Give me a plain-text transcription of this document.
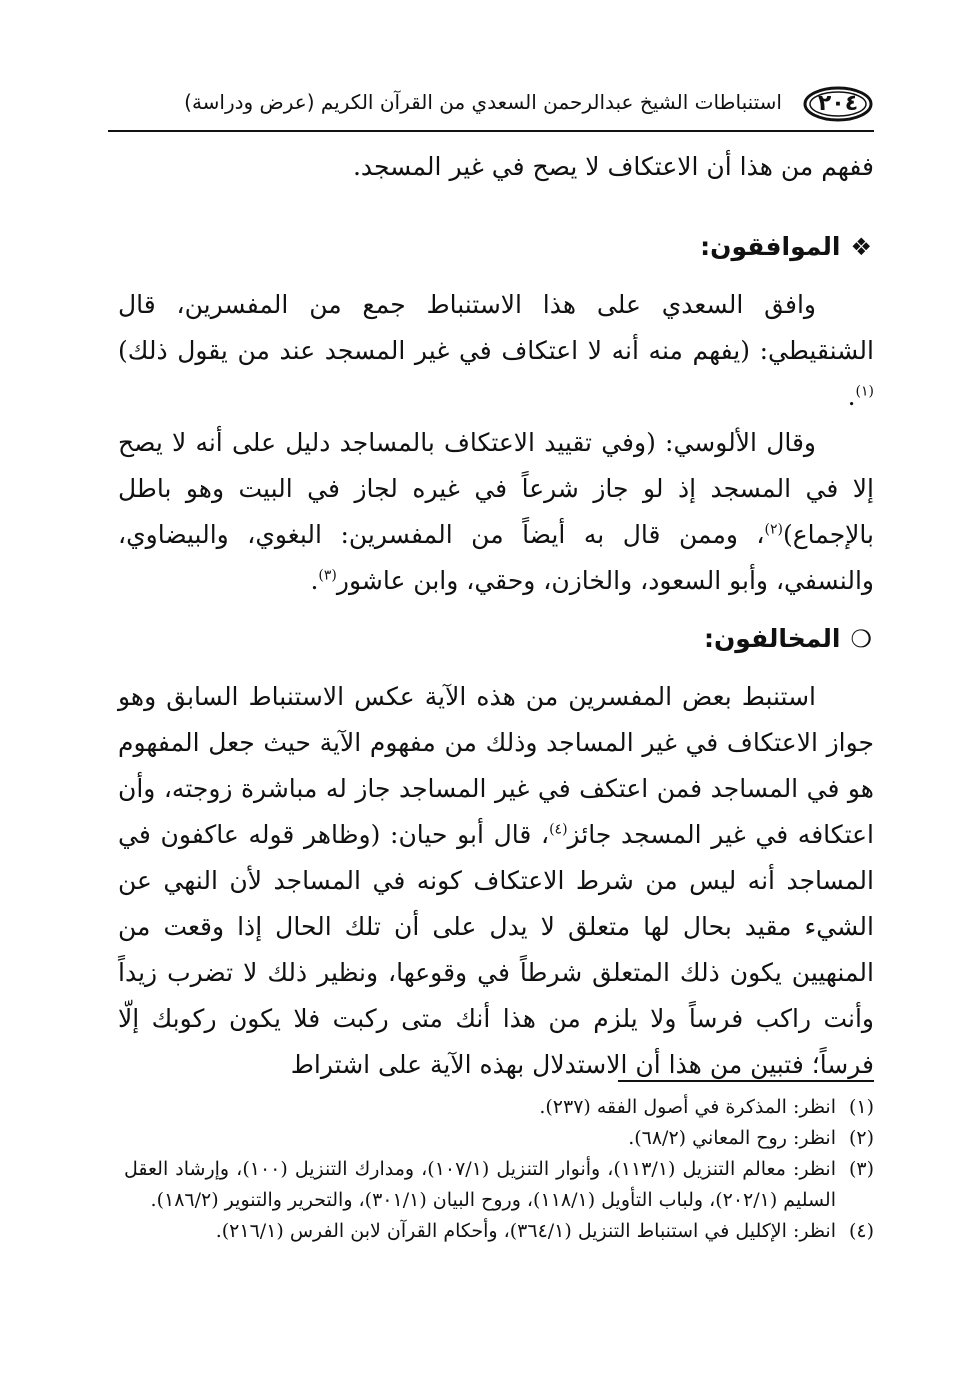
٢٠٤
استنباطات الشيخ عبدالرحمن السعدي من القرآن الكريم (عرض ودراسة)

ففهم من هذا أن الاعتكاف لا يصح في غير المسجد.

❖
الموافقون:

وافق السعدي على هذا الاستنباط جمع من المفسرين، قال الشنقيطي: (يفهم منه أنه لا اعتكاف في غير المسجد عند من يقول ذلك)$^{(١)}$.

وقال الألوسي: (وفي تقييد الاعتكاف بالمساجد دليل على أنه لا يصح إلا في المسجد إذ لو جاز شرعاً في غيره لجاز في البيت وهو باطل بالإجماع)$^{(٢)}$، وممن قال به أيضاً من المفسرين: البغوي، والبيضاوي، والنسفي، وأبو السعود، والخازن، وحقي، وابن عاشور$^{(٣)}$.

❍
المخالفون:

استنبط بعض المفسرين من هذه الآية عكس الاستنباط السابق وهو جواز الاعتكاف في غير المساجد وذلك من مفهوم الآية حيث جعل المفهوم هو في المساجد فمن اعتكف في غير المساجد جاز له مباشرة زوجته، وأن اعتكافه في غير المسجد جائز$^{(٤)}$، قال أبو حيان: (وظاهر قوله عاكفون في المساجد أنه ليس من شرط الاعتكاف كونه في المساجد لأن النهي عن الشيء مقيد بحال لها متعلق لا يدل على أن تلك الحال إذا وقعت من المنهيين يكون ذلك المتعلق شرطاً في وقوعها، ونظير ذلك لا تضرب زيداً وأنت راكب فرساً ولا يلزم من هذا أنك متى ركبت فلا يكون ركوبك إلّا فرساً؛ فتبين من هذا أن الاستدلال بهذه الآية على اشتراط

(١)
انظر: المذكرة في أصول الفقه (٢٣٧).
(٢)
انظر: روح المعاني (٦٨/٢).
(٣)
انظر: معالم التنزيل (١١٣/١)، وأنوار التنزيل (١٠٧/١)، ومدارك التنزيل (١٠٠)، وإرشاد العقل السليم (٢٠٢/١)، ولباب التأويل (١١٨/١)، وروح البيان (٣٠١/١)، والتحرير والتنوير (١٨٦/٢).
(٤)
انظر: الإكليل في استنباط التنزيل (٣٦٤/١)، وأحكام القرآن لابن الفرس (٢١٦/١).
